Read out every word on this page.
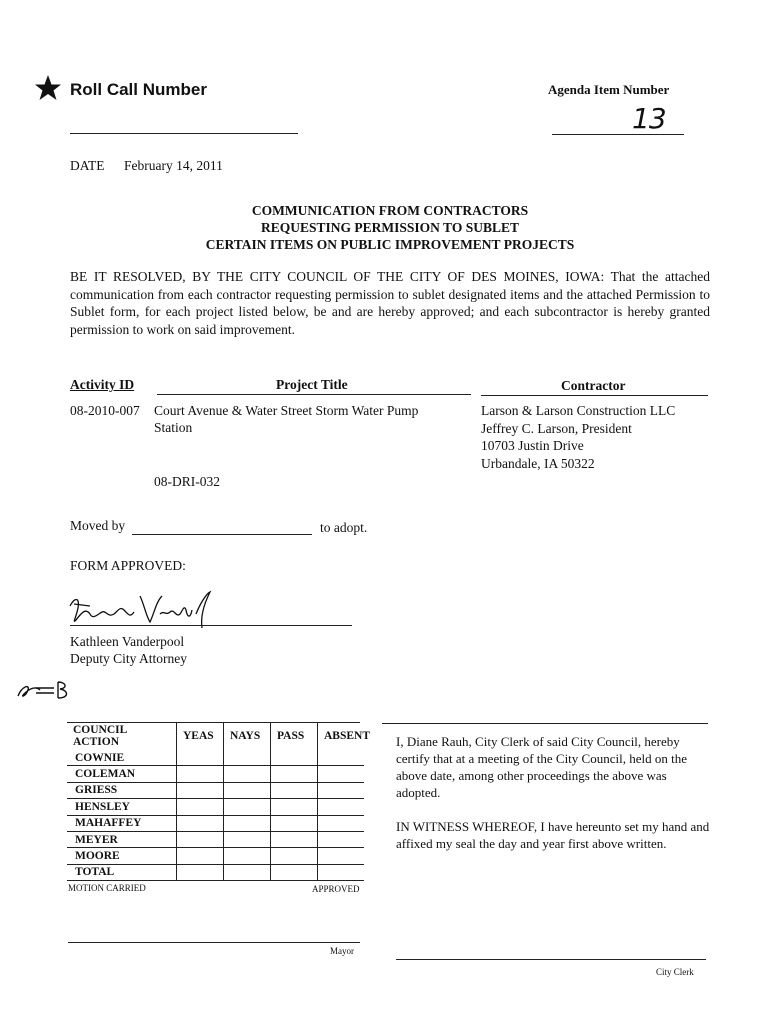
Roll Call Number	Agenda Item Number
13
DATE February 14, 2011
COMMUNICATION FROM CONTRACTORS
REQUESTING PERMISSION TO SUBLET
CERTAIN ITEMS ON PUBLIC IMPROVEMENT PROJECTS
BE IT RESOLVED, BY THE CITY COUNCIL OF THE CITY OF DES MOINES, IOWA: That the attached communication from each contractor requesting permission to sublet designated items and the attached Permission to Sublet form, for each project listed below, be and are hereby approved; and each subcontractor is hereby granted permission to work on said improvement.
Activity ID	Project Title	Contractor
08-2010-007 Court Avenue & Water Street Storm Water Pump
Station
08-DRI-032
Larson & Larson Construction LLC
Jeffrey C. Larson, President
10703 Justin Drive
Urbandale, IA 50322
Moved by	to adopt.
FORM APPROVED:
Kathleen Vanderpool
Deputy City Attorney
COUNCIL ACTION	YEAS	NAYS	PASS	ABSENT
COWNIE				
COLEMAN				
GRIESS				
HENSLEY				
MAHAFFEY				
MEYER				
MOORE				
TOTAL				
MOTION CARRIED	APPROVED
Mayor
I, Diane Rauh, City Clerk of said City Council, hereby certify that at a meeting of the City Council, held on the above date, among other proceedings the above was adopted.
IN WITNESS WHEREOF, I have hereunto set my hand and affixed my seal the day and year first above written.
City Clerk
